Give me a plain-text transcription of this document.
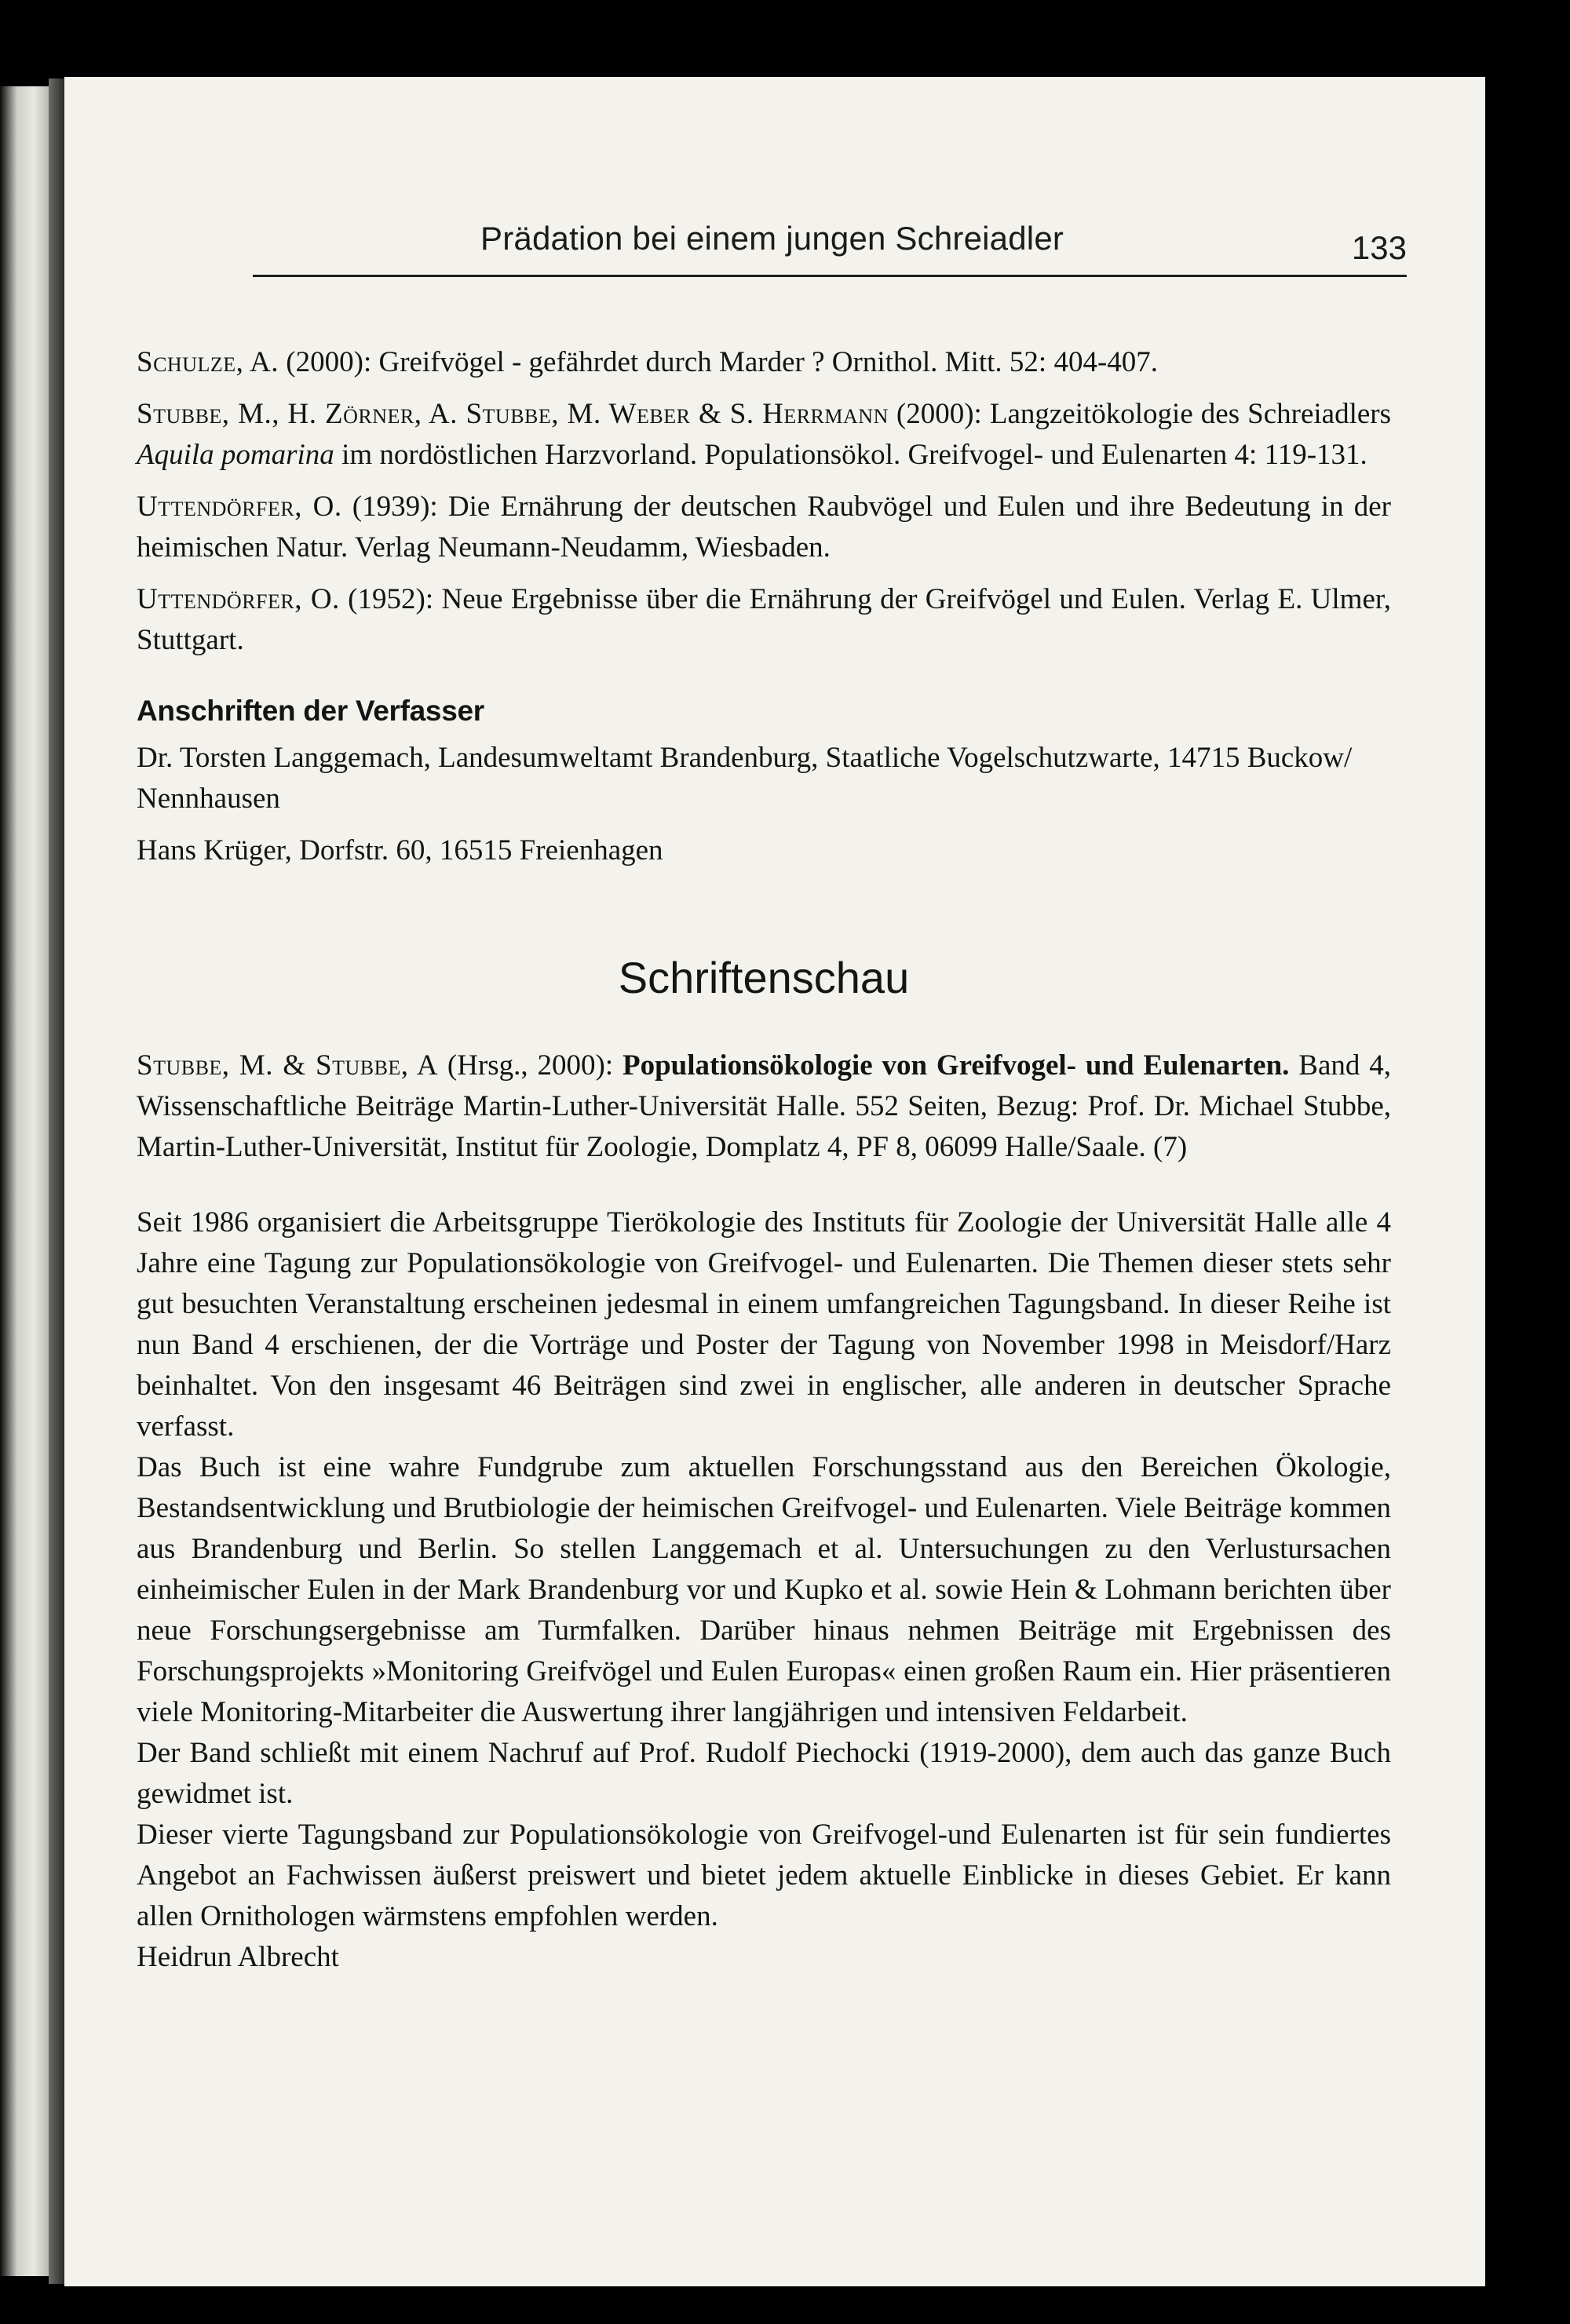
Prädation bei einem jungen Schreiadler	133

Schulze, A. (2000): Greifvögel - gefährdet durch Marder ? Ornithol. Mitt. 52: 404-407.

Stubbe, M., H. Zörner, A. Stubbe, M. Weber & S. Herrmann (2000): Langzeitökologie des Schreiadlers Aquila pomarina im nordöstlichen Harzvorland. Populationsökol. Greifvogel- und Eulenarten 4: 119-131.

Uttendörfer, O. (1939): Die Ernährung der deutschen Raubvögel und Eulen und ihre Bedeutung in der heimischen Natur. Verlag Neumann-Neudamm, Wiesbaden.

Uttendörfer, O. (1952): Neue Ergebnisse über die Ernährung der Greifvögel und Eulen. Verlag E. Ulmer, Stuttgart.

Anschriften der Verfasser

Dr. Torsten Langgemach, Landesumweltamt Brandenburg, Staatliche Vogelschutzwarte, 14715 Buckow/ Nennhausen

Hans Krüger, Dorfstr. 60, 16515 Freienhagen

Schriftenschau

Stubbe, M. & Stubbe, A (Hrsg., 2000): Populationsökologie von Greifvogel- und Eulenarten. Band 4, Wissenschaftliche Beiträge Martin-Luther-Universität Halle. 552 Seiten, Bezug: Prof. Dr. Michael Stubbe, Martin-Luther-Universität, Institut für Zoologie, Domplatz 4, PF 8, 06099 Halle/Saale. (7)

Seit 1986 organisiert die Arbeitsgruppe Tierökologie des Instituts für Zoologie der Universität Halle alle 4 Jahre eine Tagung zur Populationsökologie von Greifvogel- und Eulenarten. Die Themen dieser stets sehr gut besuchten Veranstaltung erscheinen jedesmal in einem umfangreichen Tagungsband. In dieser Reihe ist nun Band 4 erschienen, der die Vorträge und Poster der Tagung von November 1998 in Meisdorf/Harz beinhaltet. Von den insgesamt 46 Beiträgen sind zwei in englischer, alle anderen in deutscher Sprache verfasst.

Das Buch ist eine wahre Fundgrube zum aktuellen Forschungsstand aus den Bereichen Ökologie, Bestandsentwicklung und Brutbiologie der heimischen Greifvogel- und Eulenarten. Viele Beiträge kommen aus Brandenburg und Berlin. So stellen Langgemach et al. Untersuchungen zu den Verlustursachen einheimischer Eulen in der Mark Brandenburg vor und Kupko et al. sowie Hein & Lohmann berichten über neue Forschungsergebnisse am Turmfalken. Darüber hinaus nehmen Beiträge mit Ergebnissen des Forschungsprojekts »Monitoring Greifvögel und Eulen Europas« einen großen Raum ein. Hier präsentieren viele Monitoring-Mitarbeiter die Auswertung ihrer langjährigen und intensiven Feldarbeit.

Der Band schließt mit einem Nachruf auf Prof. Rudolf Piechocki (1919-2000), dem auch das ganze Buch gewidmet ist.

Dieser vierte Tagungsband zur Populationsökologie von Greifvogel-und Eulenarten ist für sein fundiertes Angebot an Fachwissen äußerst preiswert und bietet jedem aktuelle Einblicke in dieses Gebiet. Er kann allen Ornithologen wärmstens empfohlen werden.

Heidrun Albrecht
